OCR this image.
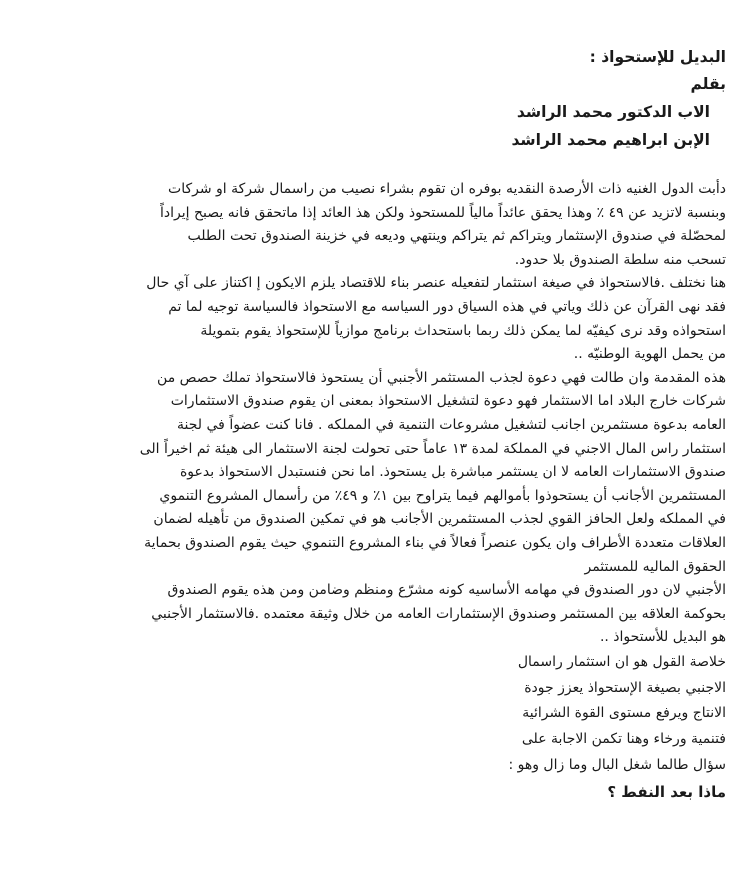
البديل للإستحواذ :

بقلم

الاب الدكتور محمد الراشد

الإبن ابراهيم محمد الراشد

دأبت الدول الغنيه ذات الأرصدة النقديه بوفره ان تقوم بشراء نصيب من راسمال شركة او شركات
وبنسبة لاتزيد عن ٤٩ ٪ وهذا يحقق عائداً مالياً للمستحوذ ولكن هذ العائد إذا ماتحقق فانه يصبح إيراداً
لمحصّلة في صندوق الإستثمار ويتراكم ثم يتراكم وينتهي وديعه في خزينة الصندوق تحت الطلب
تسحب منه سلطة الصندوق بلا حدود.
هنا نختلف .فالاستحواذ في صيغة استثمار لتفعيله عنصر بناء للاقتصاد يلزم الايكون إ اكتناز على آي حال
فقد نهى القرآن عن ذلك وياتي في هذه السياق دور السياسه مع الاستحواذ فالسياسة توجيه لما تم
استحواذه وقد نرى كيفيّه لما يمكن ذلك ربما باستحداث برنامج موازياً للإستحواذ يقوم بتمويلة
من يحمل الهوية الوطنيّه ..
هذه المقدمة وان طالت فهي دعوة لجذب المستثمر الأجنبي أن يستحوذ فالاستحواذ تملك حصص من
شركات خارج البلاد اما الاستثمار فهو دعوة لتشغيل الاستحواذ بمعنى ان يقوم صندوق الاستثمارات
العامه بدعوة مستثمرين اجانب لتشغيل مشروعات التنمية في المملكه . فانا كنت عضواً في لجنة
استثمار راس المال الاجني في المملكة لمدة ١٣ عاماً حتى تحولت لجنة الاستثمار الى هيئة ثم اخيراً الى
صندوق الاستثمارات العامه لا ان يستثمر مباشرة بل يستحوذ. اما نحن فنستبدل الاستحواذ بدعوة
المستثمرين الأجانب أن يستحوذوا بأموالهم فيما يتراوح بين ١٪ و ٤٩٪ من رأسمال المشروع التنموي
في المملكه ولعل الحافز القوي لجذب المستثمرين الأجانب هو في تمكين الصندوق من تأهيله لضمان
العلاقات متعددة الأطراف وان يكون عنصراً فعالاً في بناء المشروع التنموي حيث يقوم الصندوق بحماية
الحقوق الماليه للمستثمر
الأجنبي لان دور الصندوق في مهامه الأساسيه كونه مشرّع ومنظم وضامن ومن هذه يقوم الصندوق
بحوكمة العلاقه بين المستثمر وصندوق الإستثمارات العامه من خلال وثيقة معتمده .فالاستثمار الأجنبي
هو البديل للأستحواذ ..
خلاصة القول هو ان استثمار راسمال
الاجنبي بصيغة الإستحواذ يعزز جودة
الانتاج ويرفع مستوى القوة الشرائية
فتنمية ورخاء وهنا تكمن الاجابة على
سؤال طالما شغل البال وما زال وهو :

ماذا بعد النفط ؟
